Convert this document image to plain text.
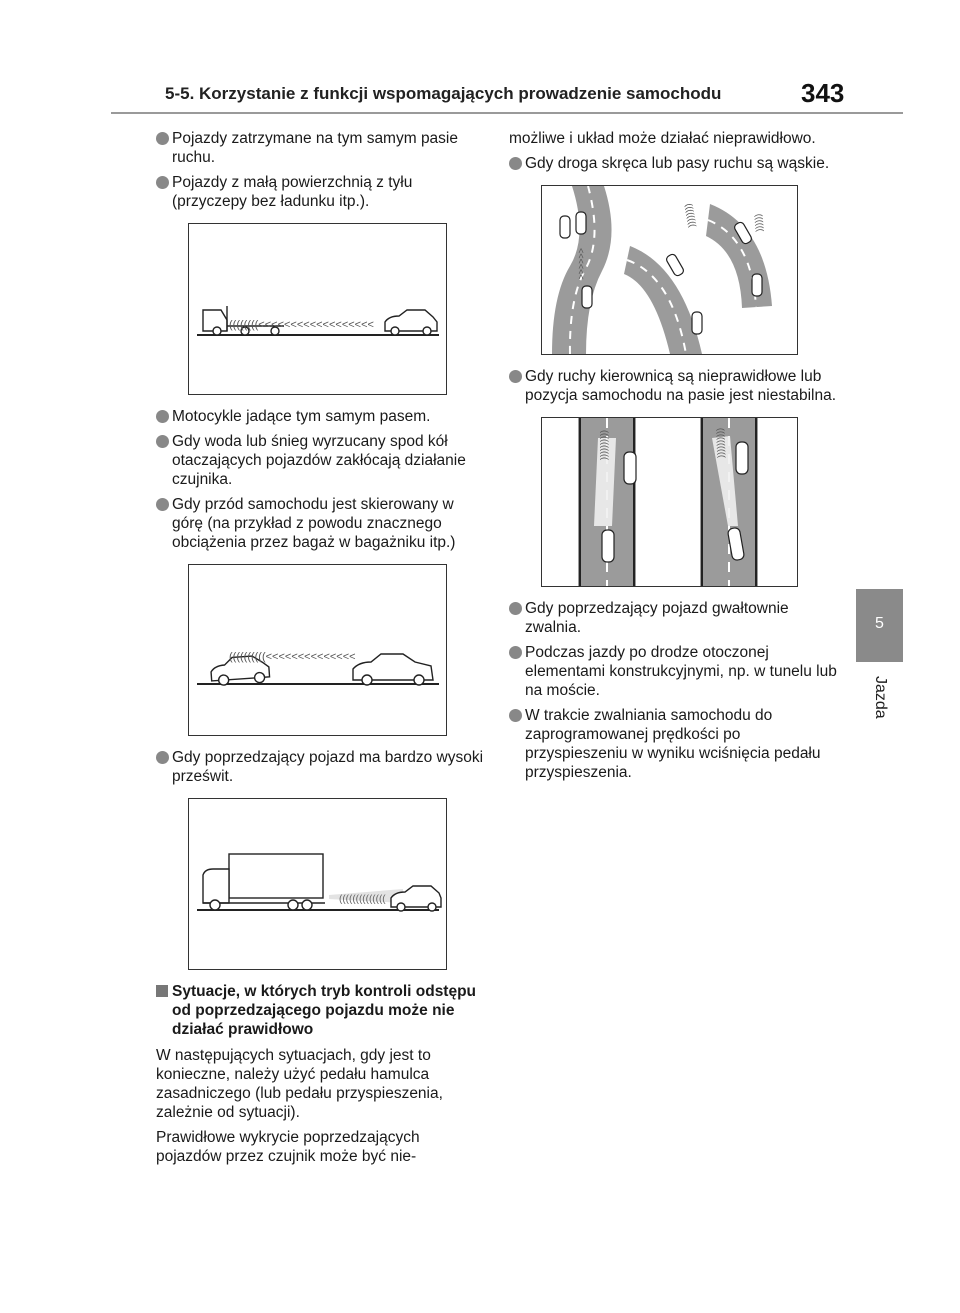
5-5. Korzystanie z funkcji wspomagających prowadzenie samochodu	343
5
Jazda
Pojazdy zatrzymane na tym samym pasie ruchu.
Pojazdy z małą powierzchnią z tyłu (przyczepy bez ładunku itp.).
((((((((<<<<<<<<<<<<<<<<<<
Motocykle jadące tym samym pasem.
Gdy woda lub śnieg wyrzucany spod kół otaczających pojazdów zakłócają działanie czujnika.
Gdy przód samochodu jest skierowany w górę (na przykład z powodu znacznego obciążenia przez bagaż w bagażniku itp.)
((((((((((<<<<<<<<<<<<<<
Gdy poprzedzający pojazd ma bardzo wysoki prześwit.
((((((((((((((
Sytuacje, w których tryb kontroli odstępu od poprzedzającego pojazdu może nie działać prawidłowo
W następujących sytuacjach, gdy jest to konieczne, należy użyć pedału hamulca zasadniczego (lub pedału przyspieszenia, zależnie od sytuacji).
Prawidłowe wykrycie poprzedzających pojazdów przez czujnik może być nie-
możliwe i układ może działać nieprawidłowo.
Gdy droga skręca lub pasy ruchu są wąskie.
<<<<<<
((((((((	((((((
Gdy ruchy kierownicą są nieprawidłowe lub pozycja samochodu na pasie jest niestabilna.
((((((((((	((((((((((
Gdy poprzedzający pojazd gwałtownie zwalnia.
Podczas jazdy po drodze otoczonej elementami konstrukcyjnymi, np. w tunelu lub na moście.
W trakcie zwalniania samochodu do zaprogramowanej prędkości po przyspieszeniu w wyniku wciśnięcia pedału przyspieszenia.
